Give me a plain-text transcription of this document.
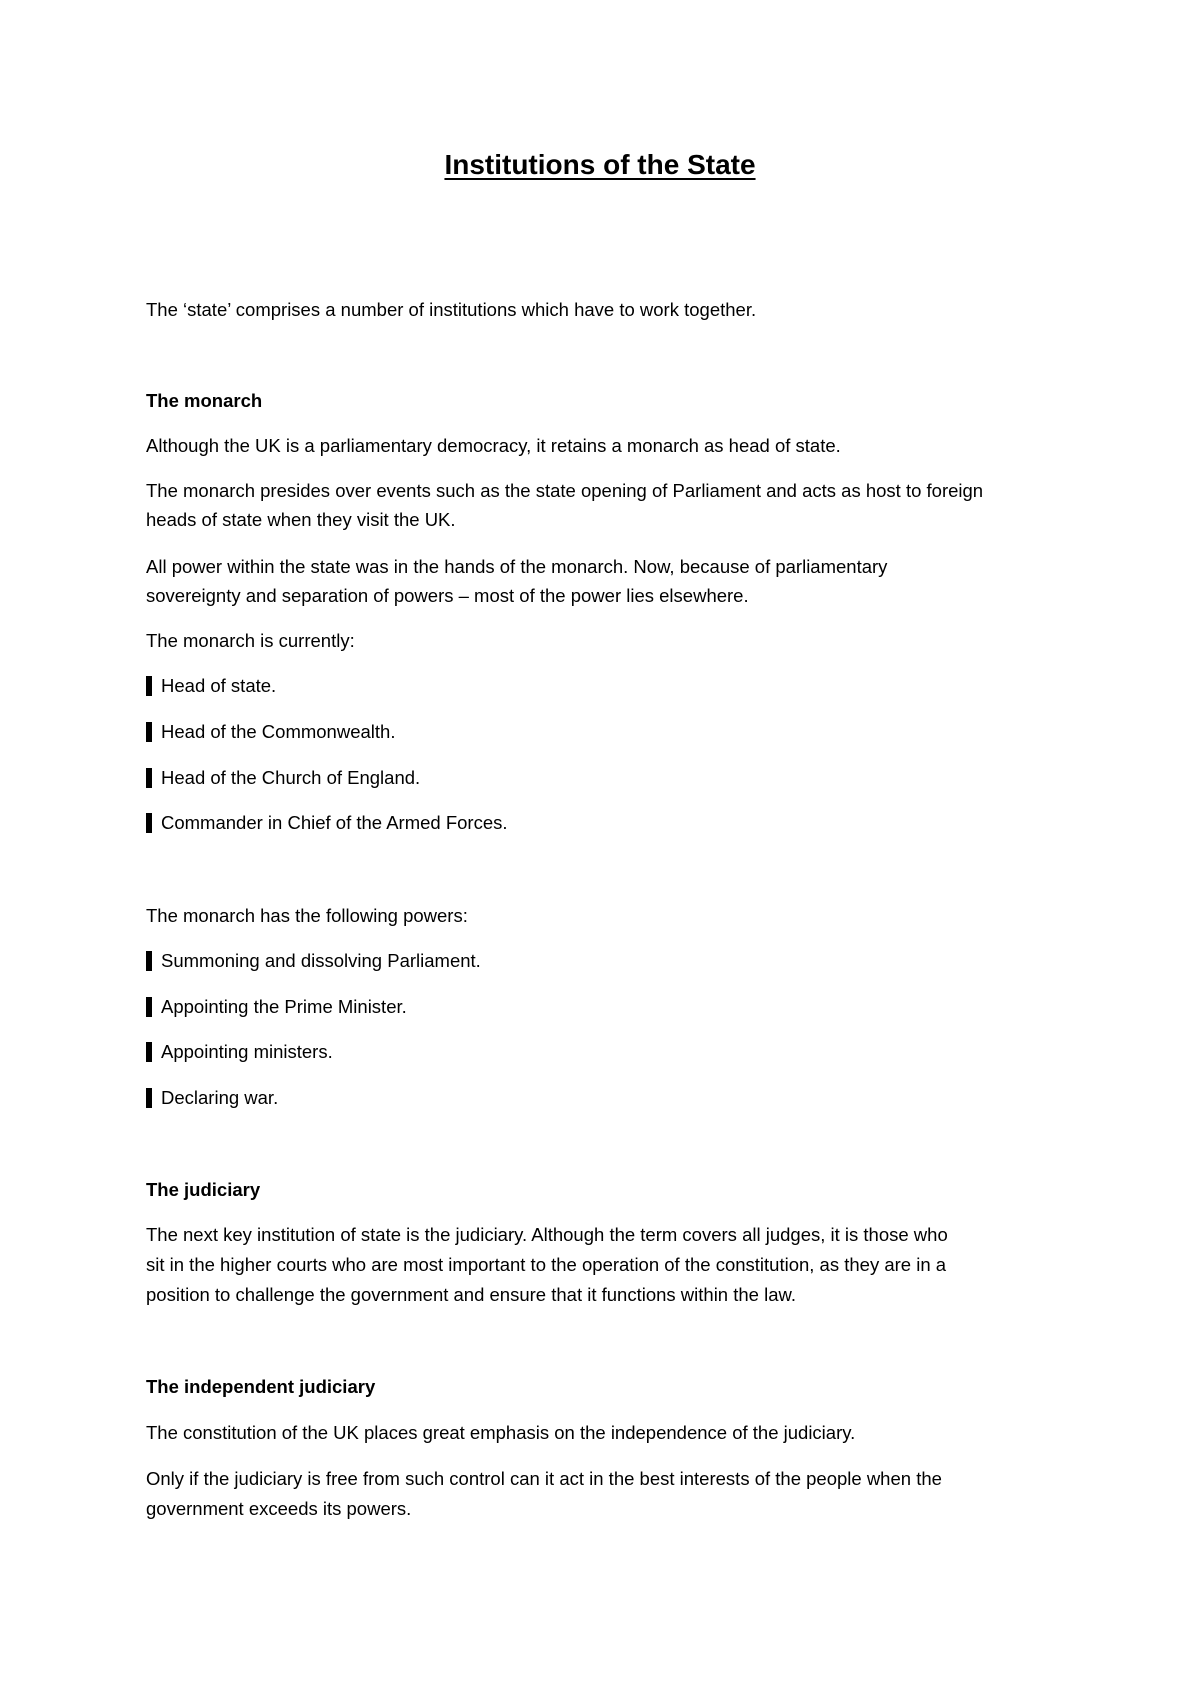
Institutions of the State
The ‘state’ comprises a number of institutions which have to work together.
The monarch
Although the UK is a parliamentary democracy, it retains a monarch as head of state.
The monarch presides over events such as the state opening of Parliament and acts as host to foreign
heads of state when they visit the UK.
All power within the state was in the hands of the monarch. Now, because of parliamentary
sovereignty and separation of powers – most of the power lies elsewhere.
The monarch is currently:
Head of state.
Head of the Commonwealth.
Head of the Church of England.
Commander in Chief of the Armed Forces.
The monarch has the following powers:
Summoning and dissolving Parliament.
Appointing the Prime Minister.
Appointing ministers.
Declaring war.
The judiciary
The next key institution of state is the judiciary. Although the term covers all judges, it is those who
sit in the higher courts who are most important to the operation of the constitution, as they are in a
position to challenge the government and ensure that it functions within the law.
The independent judiciary
The constitution of the UK places great emphasis on the independence of the judiciary.
Only if the judiciary is free from such control can it act in the best interests of the people when the
government exceeds its powers.
